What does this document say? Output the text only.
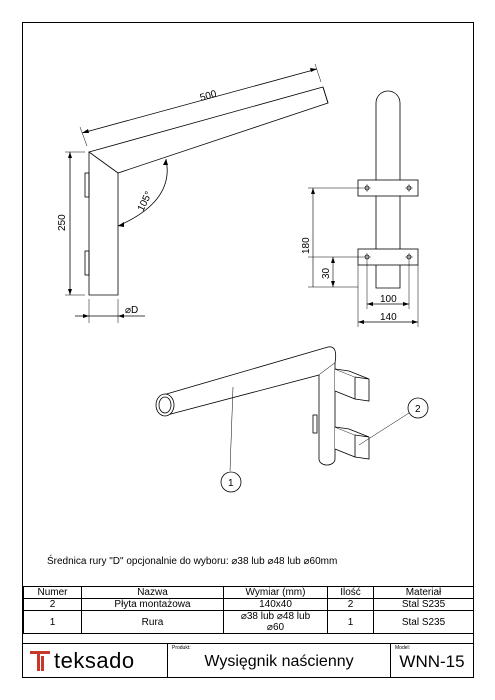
500
250
105°
⌀D
180
30
100
140
1
2
Średnica rury "D" opcjonalnie do wyboru: ⌀38 lub ⌀48 lub ⌀60mm
Numer	Nazwa	Wymiar (mm)	Ilość	Materiał
2	Płyta montażowa	140x40	2	Stal S235
1	Rura	⌀38 lub ⌀48 lub ⌀60	1	Stal S235
teksado	Produkt:
Wysięgnik naścienny
Model:
WNN-15
